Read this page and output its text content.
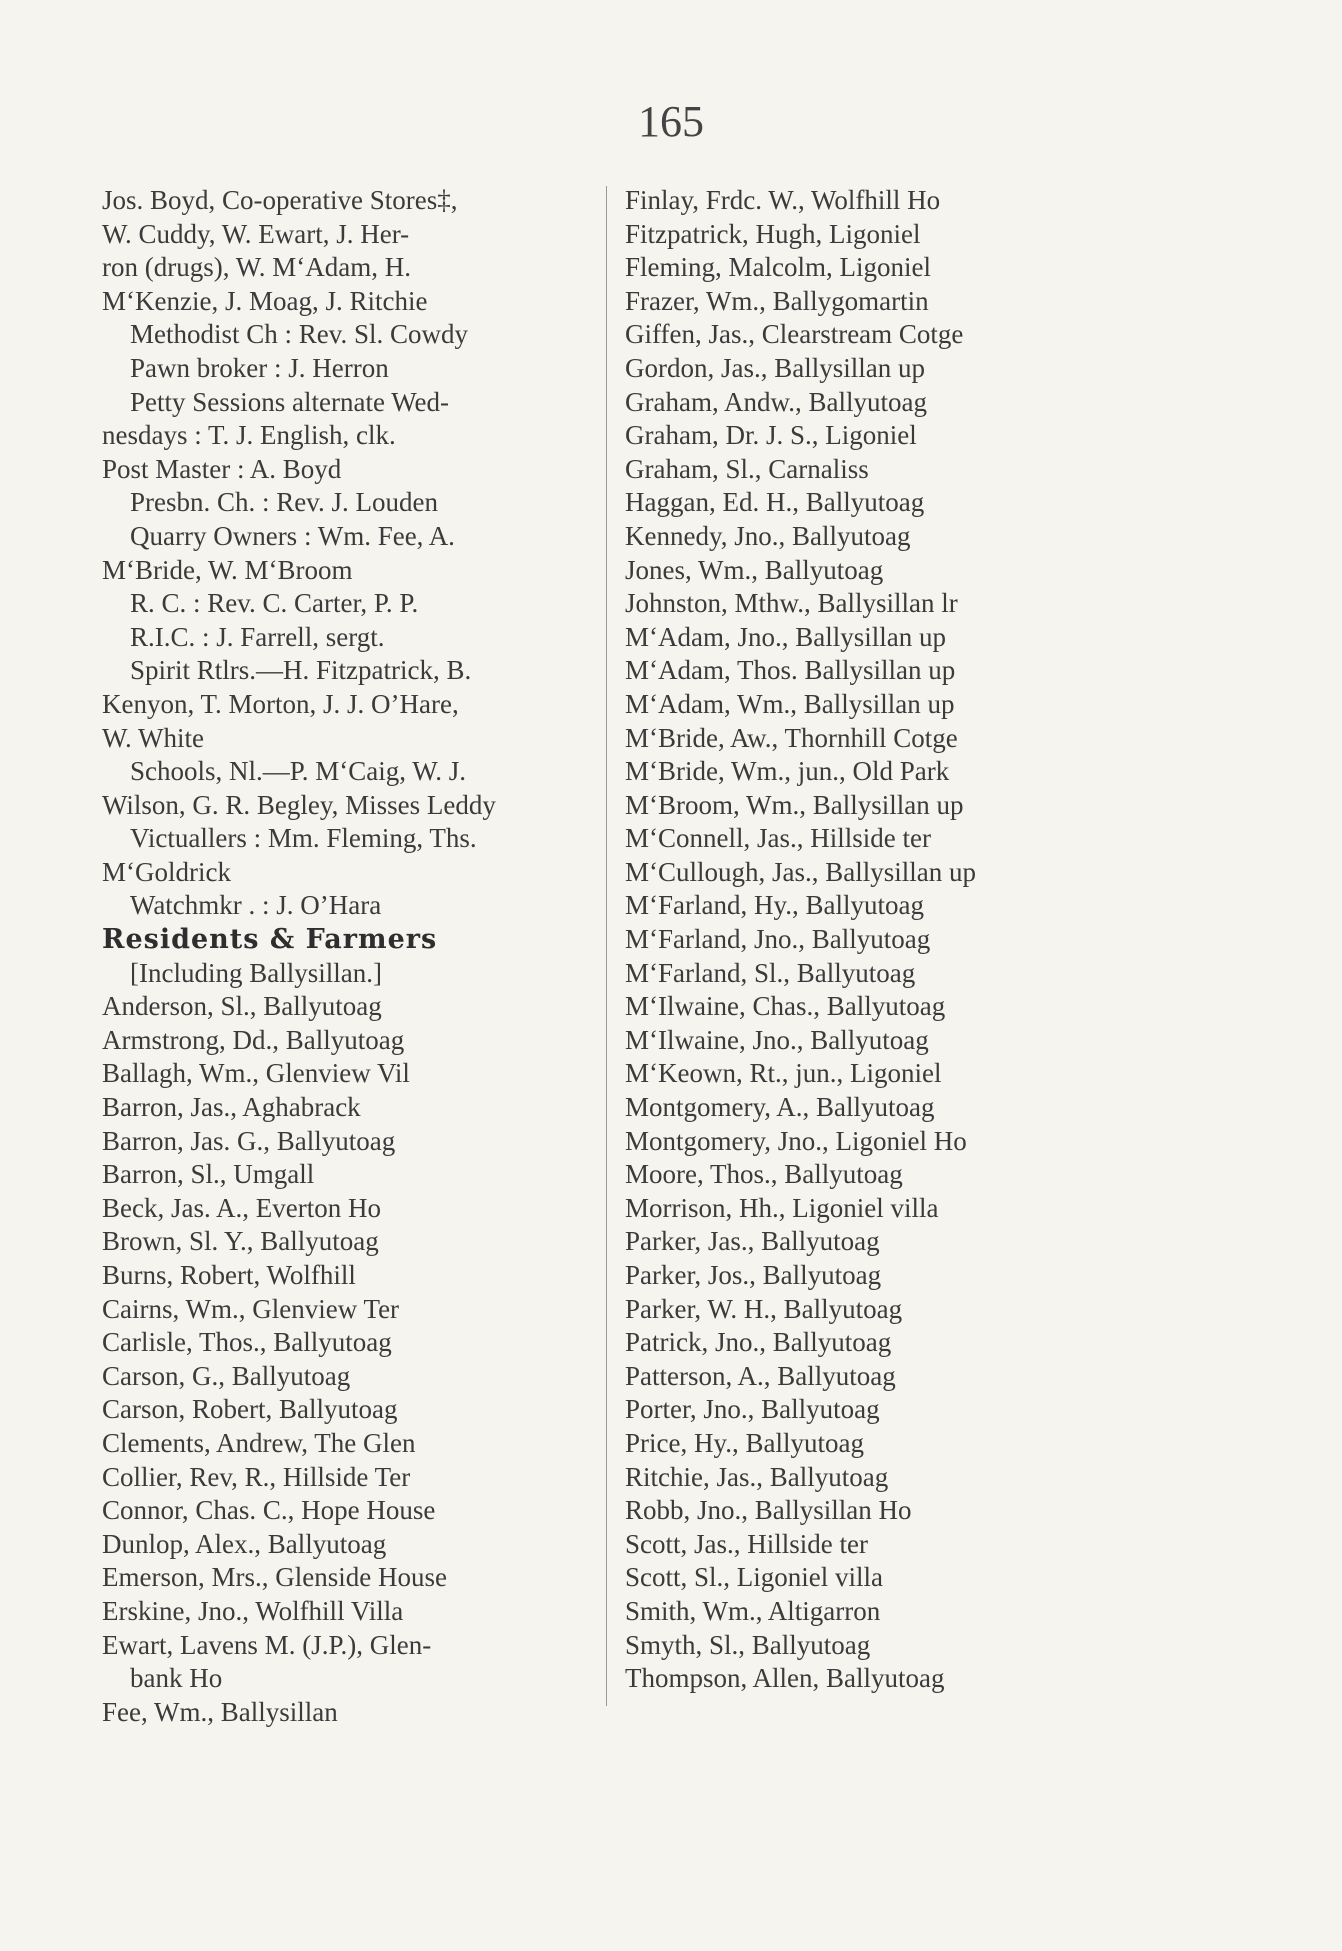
165
Jos. Boyd, Co-operative Stores‡,
W. Cuddy, W. Ewart, J. Her-
ron (drugs), W. M‘Adam, H.
M‘Kenzie, J. Moag, J. Ritchie
Methodist Ch : Rev. Sl. Cowdy
Pawn broker : J. Herron
Petty Sessions alternate Wed-
nesdays : T. J. English, clk.
Post Master : A. Boyd
Presbn. Ch. : Rev. J. Louden
Quarry Owners : Wm. Fee, A.
M‘Bride, W. M‘Broom
R. C. : Rev. C. Carter, P. P.
R.I.C. : J. Farrell, sergt.
Spirit Rtlrs.—H. Fitzpatrick, B.
Kenyon, T. Morton, J. J. O’Hare,
W. White
Schools, Nl.—P. M‘Caig, W. J.
Wilson, G. R. Begley, Misses Leddy
Victuallers : Mm. Fleming, Ths.
M‘Goldrick
Watchmkr . : J. O’Hara
Residents & Farmers
[Including Ballysillan.]
Anderson, Sl., Ballyutoag
Armstrong, Dd., Ballyutoag
Ballagh, Wm., Glenview Vil
Barron, Jas., Aghabrack
Barron, Jas. G., Ballyutoag
Barron, Sl., Umgall
Beck, Jas. A., Everton Ho
Brown, Sl. Y., Ballyutoag
Burns, Robert, Wolfhill
Cairns, Wm., Glenview Ter
Carlisle, Thos., Ballyutoag
Carson, G., Ballyutoag
Carson, Robert, Ballyutoag
Clements, Andrew, The Glen
Collier, Rev, R., Hillside Ter
Connor, Chas. C., Hope House
Dunlop, Alex., Ballyutoag
Emerson, Mrs., Glenside House
Erskine, Jno., Wolfhill Villa
Ewart, Lavens M. (J.P.), Glen-
bank Ho
Fee, Wm., Ballysillan
Finlay, Frdc. W., Wolfhill Ho
Fitzpatrick, Hugh, Ligoniel
Fleming, Malcolm, Ligoniel
Frazer, Wm., Ballygomartin
Giffen, Jas., Clearstream Cotge
Gordon, Jas., Ballysillan up
Graham, Andw., Ballyutoag
Graham, Dr. J. S., Ligoniel
Graham, Sl., Carnaliss
Haggan, Ed. H., Ballyutoag
Kennedy, Jno., Ballyutoag
Jones, Wm., Ballyutoag
Johnston, Mthw., Ballysillan lr
M‘Adam, Jno., Ballysillan up
M‘Adam, Thos. Ballysillan up
M‘Adam, Wm., Ballysillan up
M‘Bride, Aw., Thornhill Cotge
M‘Bride, Wm., jun., Old Park
M‘Broom, Wm., Ballysillan up
M‘Connell, Jas., Hillside ter
M‘Cullough, Jas., Ballysillan up
M‘Farland, Hy., Ballyutoag
M‘Farland, Jno., Ballyutoag
M‘Farland, Sl., Ballyutoag
M‘Ilwaine, Chas., Ballyutoag
M‘Ilwaine, Jno., Ballyutoag
M‘Keown, Rt., jun., Ligoniel
Montgomery, A., Ballyutoag
Montgomery, Jno., Ligoniel Ho
Moore, Thos., Ballyutoag
Morrison, Hh., Ligoniel villa
Parker, Jas., Ballyutoag
Parker, Jos., Ballyutoag
Parker, W. H., Ballyutoag
Patrick, Jno., Ballyutoag
Patterson, A., Ballyutoag
Porter, Jno., Ballyutoag
Price, Hy., Ballyutoag
Ritchie, Jas., Ballyutoag
Robb, Jno., Ballysillan Ho
Scott, Jas., Hillside ter
Scott, Sl., Ligoniel villa
Smith, Wm., Altigarron
Smyth, Sl., Ballyutoag
Thompson, Allen, Ballyutoag
